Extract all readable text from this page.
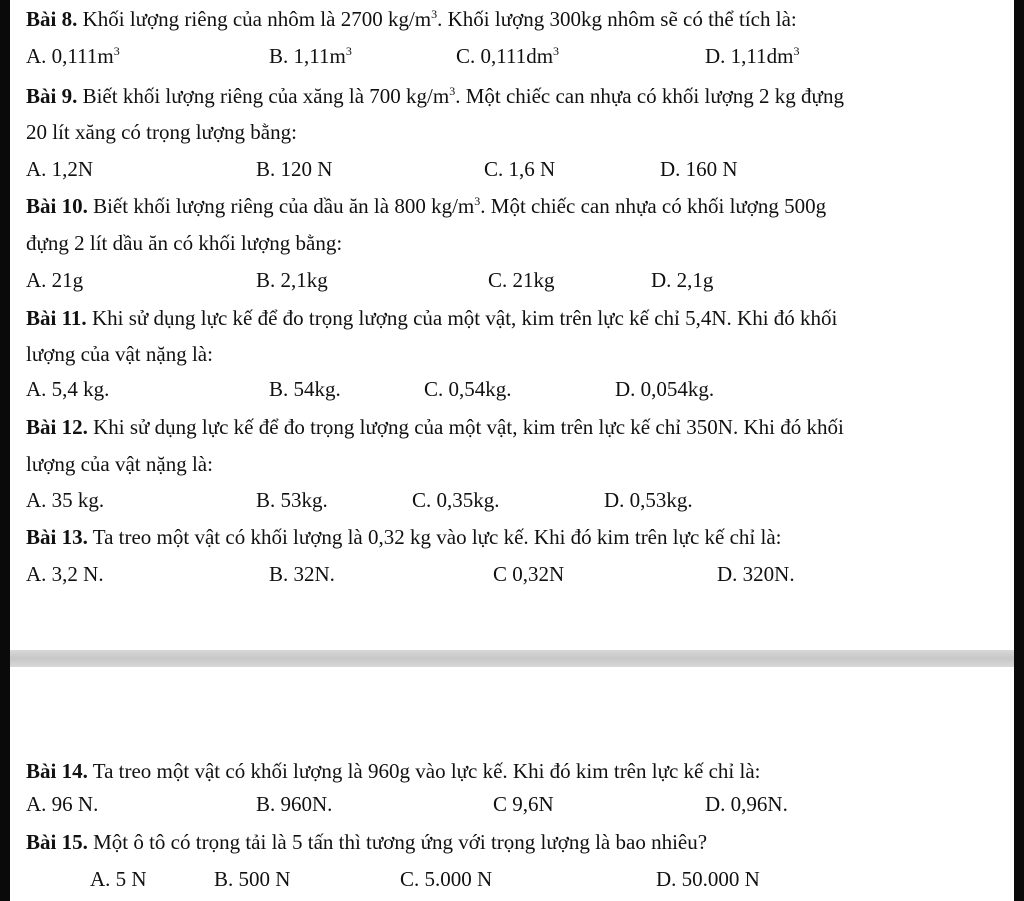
Bài 8. Khối lượng riêng của nhôm là 2700 $kg/m^3$. Khối lượng 300kg nhôm sẽ có thể tích là:
A. $0,111m^3$	B. $1,11m^3$	C. $0,111dm^3$	D. $1,11dm^3$
Bài 9. Biết khối lượng riêng của xăng là 700 $kg/m^3$. Một chiếc can nhựa có khối lượng 2 kg đựng
20 lít xăng có trọng lượng bằng:
A. 1,2N	B. 120 N	C. 1,6 N	D. 160 N
Bài 10. Biết khối lượng riêng của dầu ăn là 800 $kg/m^3$. Một chiếc can nhựa có khối lượng 500g
đựng 2 lít dầu ăn có khối lượng bằng:
A. 21g	B. 2,1kg	C. 21kg	D. 2,1g
Bài 11. Khi sử dụng lực kế để đo trọng lượng của một vật, kim trên lực kế chỉ 5,4N. Khi đó khối
lượng của vật nặng là:
A. 5,4 kg.	B. 54kg.	C. 0,54kg.	D. 0,054kg.
Bài 12. Khi sử dụng lực kế để đo trọng lượng của một vật, kim trên lực kế chỉ 350N. Khi đó khối
lượng của vật nặng là:
A. 35 kg.	B. 53kg.	C. 0,35kg.	D. 0,53kg.
Bài 13. Ta treo một vật có khối lượng là 0,32 kg vào lực kế. Khi đó kim trên lực kế chỉ là:
A. 3,2 N.	B. 32N.	C 0,32N	D. 320N.
Bài 14. Ta treo một vật có khối lượng là 960g vào lực kế. Khi đó kim trên lực kế chỉ là:
A. 96 N.	B. 960N.	C 9,6N	D. 0,96N.
Bài 15. Một ô tô có trọng tải là 5 tấn thì tương ứng với trọng lượng là bao nhiêu?
A. 5 N	B. 500 N	C. 5.000 N	D. 50.000 N
